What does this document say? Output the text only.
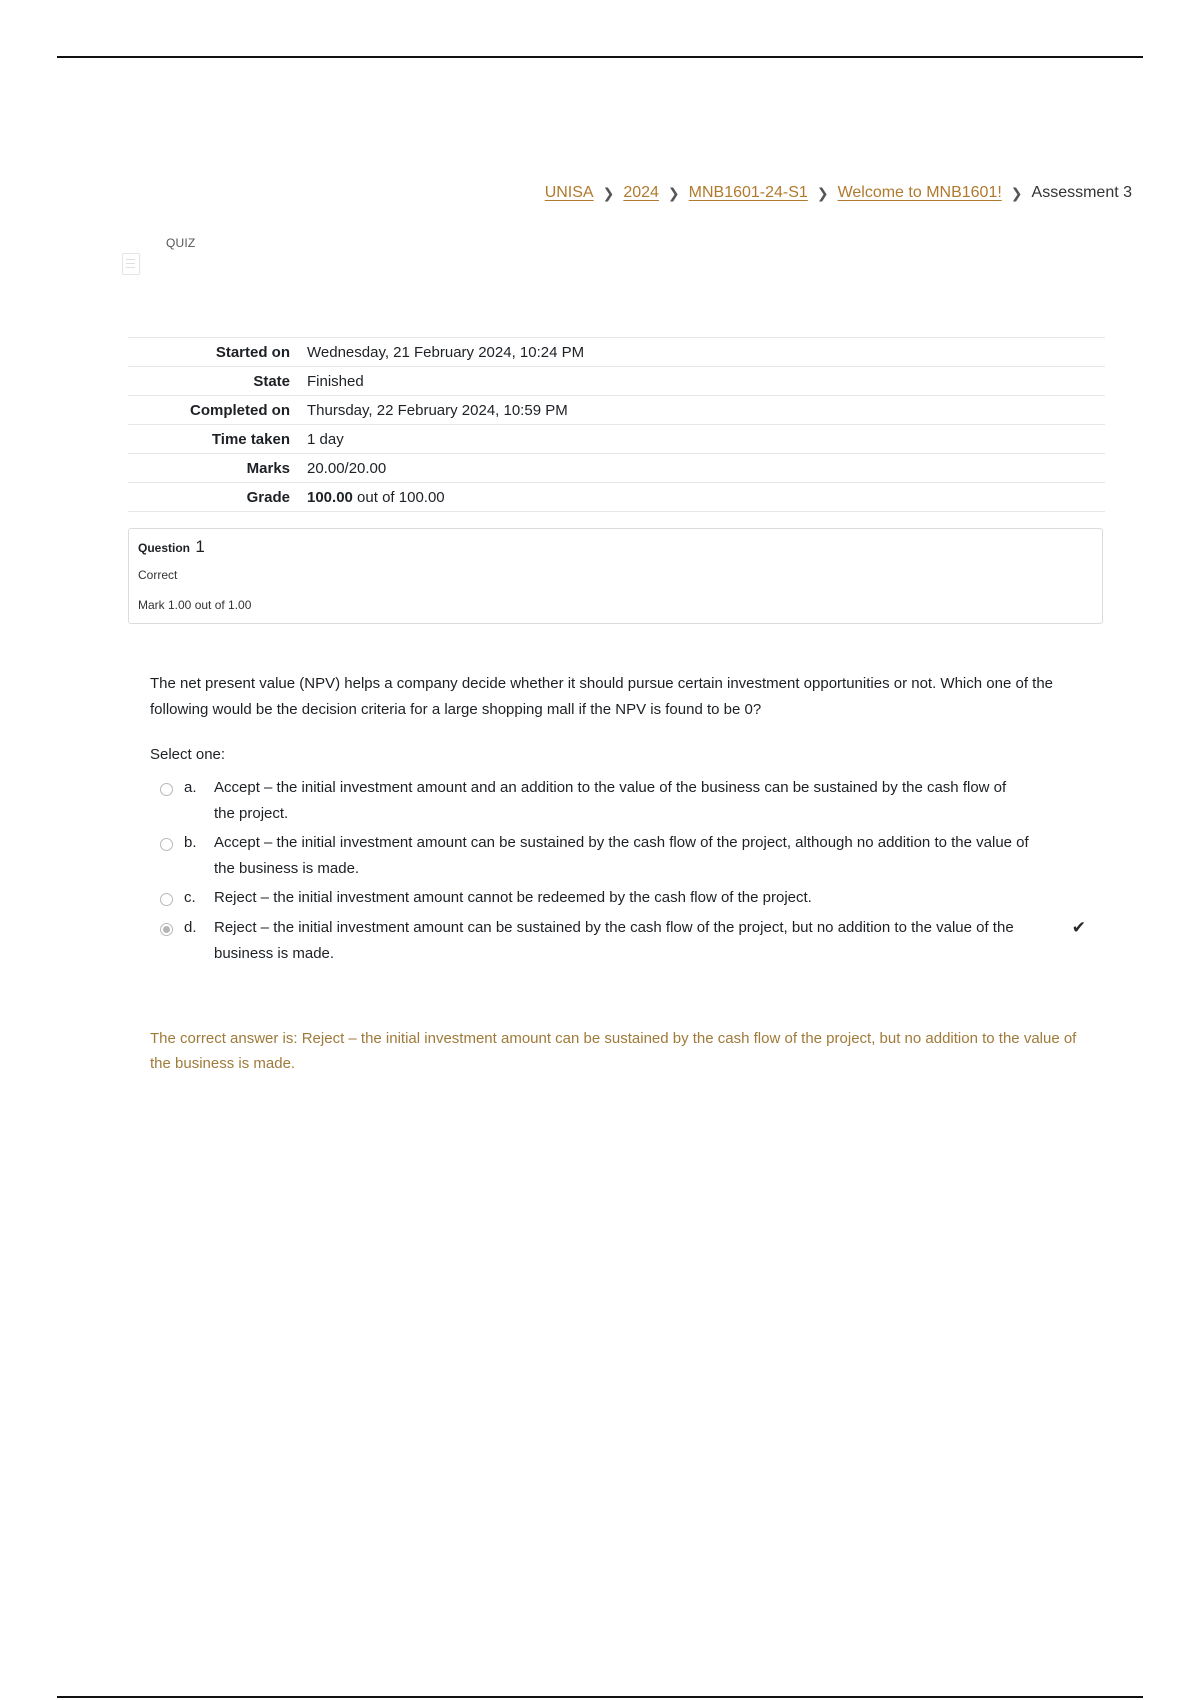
UNISA ❯ 2024 ❯ MNB1601-24-S1 ❯ Welcome to MNB1601! ❯ Assessment 3
QUIZ
Started on	Wednesday, 21 February 2024, 10:24 PM
State	Finished
Completed on	Thursday, 22 February 2024, 10:59 PM
Time taken	1 day
Marks	20.00/20.00
Grade	100.00 out of 100.00
Question 1
Correct
Mark 1.00 out of 1.00
The net present value (NPV) helps a company decide whether it should pursue certain investment opportunities or not. Which one of the following would be the decision criteria for a large shopping mall if the NPV is found to be 0?
Select one:
a. Accept – the initial investment amount and an addition to the value of the business can be sustained by the cash flow of the project.
b. Accept – the initial investment amount can be sustained by the cash flow of the project, although no addition to the value of the business is made.
c. Reject – the initial investment amount cannot be redeemed by the cash flow of the project.
d. Reject – the initial investment amount can be sustained by the cash flow of the project, but no addition to the value of the business is made.
✔
The correct answer is: Reject – the initial investment amount can be sustained by the cash flow of the project, but no addition to the value of the business is made.
